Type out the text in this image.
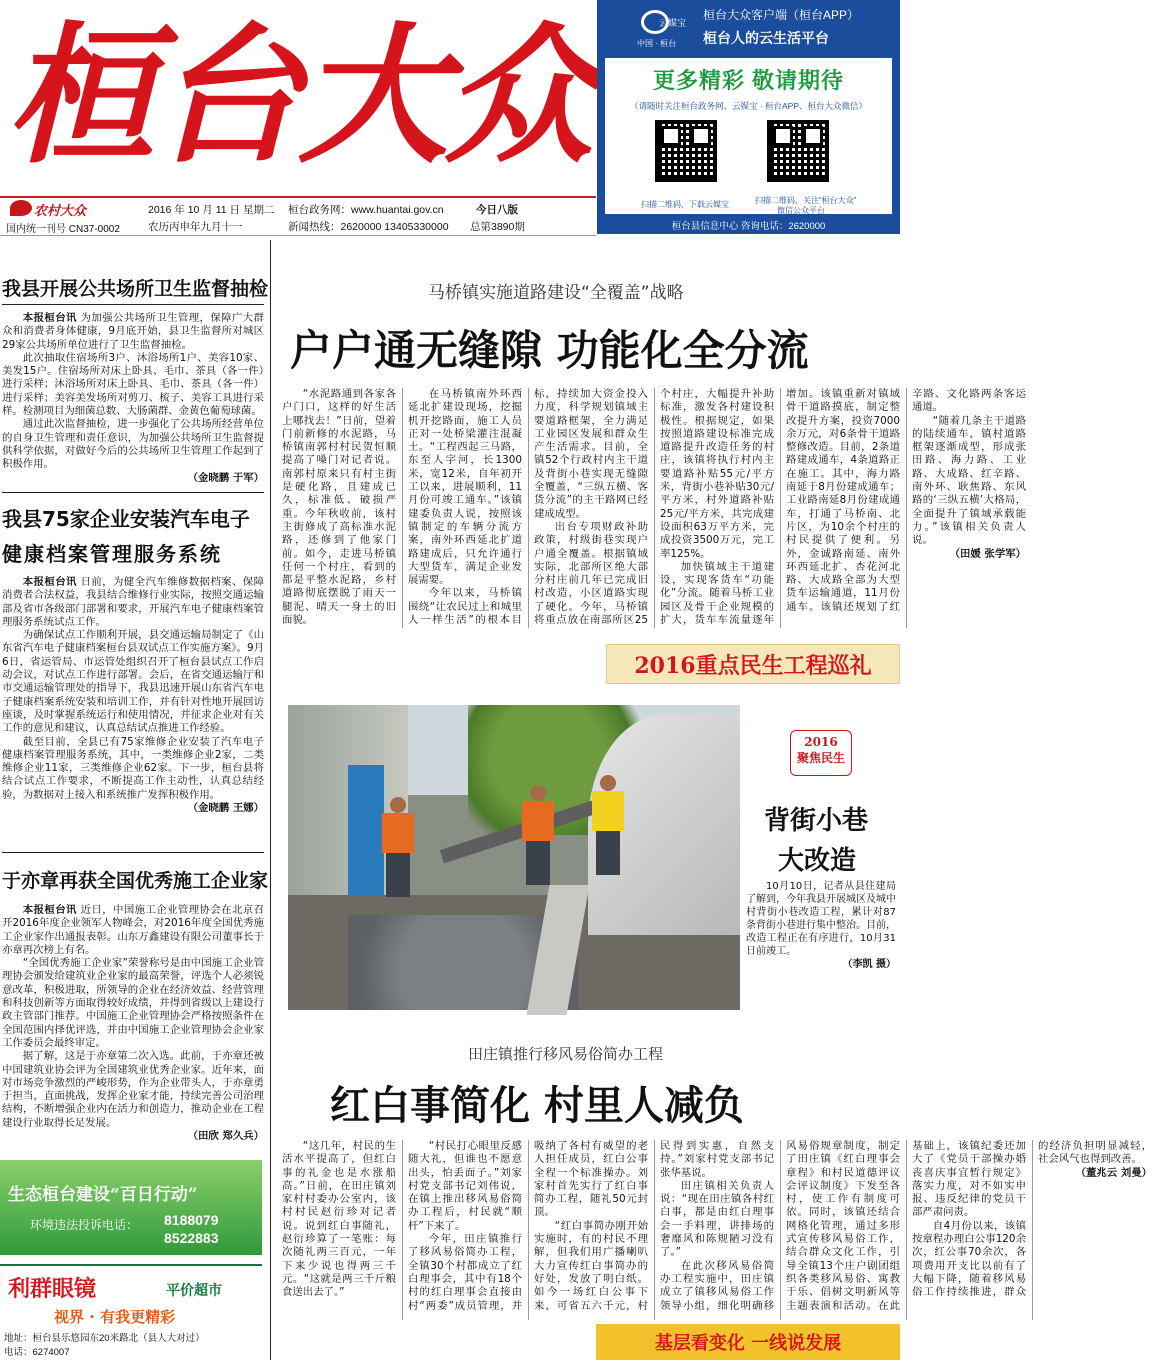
桓台大众
农村大众
国内统一刊号 CN37-0002
2016 年 10 月 11 日 星期二
农历丙申年九月十一
桓台政务网：www.huantai.gov.cn
新闻热线：2620000 13405330000
今日八版
总第3890期
云媒宝
中国 · 桓台
桓台大众客户端（桓台APP）
桓台人的云生活平台
更多精彩 敬请期待
（请随时关注桓台政务网、云媒宝 · 桓台APP、桓台大众微信）
扫描二维码，下载云媒宝	扫描二维码，关注“桓台大众”
微信公众平台
桓台县信息中心 咨询电话：2620000
我县开展公共场所卫生监督抽检

本报桓台讯 为加强公共场所卫生管理，保障广大群众和消费者身体健康，9月底开始，县卫生监督所对城区29家公共场所单位进行了卫生监督抽检。

此次抽取住宿场所3户、沐浴场所1户、美容10家、美发15户。住宿场所对床上卧具、毛巾、茶具（各一件）进行采样；沐浴场所对床上卧具、毛巾、茶具（各一件）进行采样；美容美发场所对剪刀、梳子、美容工具进行采样。检测项目为细菌总数、大肠菌群、金黄色葡萄球菌。

通过此次监督抽检，进一步强化了公共场所经营单位的自身卫生管理和责任意识，为加强公共场所卫生监督提供科学依据，对做好今后的公共场所卫生管理工作起到了积极作用。

（金晓鹏 于军）
我县75家企业安装汽车电子
健康档案管理服务系统

本报桓台讯 日前，为健全汽车维修数据档案、保障消费者合法权益，我县结合维修行业实际，按照交通运输部及省市各级部门部署和要求，开展汽车电子健康档案管理服务系统试点工作。

为确保试点工作顺利开展，县交通运输局制定了《山东省汽车电子健康档案桓台县双试点工作实施方案》。9月6日，省运管局、市运管处组织召开了桓台县试点工作启动会议，对试点工作进行部署。会后，在省交通运输厅和市交通运输管理处的指导下，我县迅速开展山东省汽车电子健康档案系统安装和培训工作，并有针对性地开展回访座谈，及时掌握系统运行和使用情况，并征求企业对有关工作的意见和建议，认真总结试点推进工作经验。

截至目前，全县已有75家维修企业安装了汽车电子健康档案管理服务系统，其中，一类维修企业2家，二类维修企业11家，三类维修企业62家。下一步，桓台县将结合试点工作要求，不断提高工作主动性，认真总结经验，为数据对上接入和系统推广发挥积极作用。

（金晓鹏 王娜）
于亦章再获全国优秀施工企业家

本报桓台讯 近日，中国施工企业管理协会在北京召开2016年度企业领军人物峰会，对2016年度全国优秀施工企业家作出通报表彰。山东万鑫建设有限公司董事长于亦章再次榜上有名。

“全国优秀施工企业家”荣誉称号是由中国施工企业管理协会颁发给建筑业企业家的最高荣誉，评选个人必须锐意改革，积极进取，所领导的企业在经济效益、经营管理和科技创新等方面取得较好成绩，并得到省级以上建设行政主管部门推荐。中国施工企业管理协会严格按照条件在全国范围内择优评选，并由中国施工企业管理协会企业家工作委员会最终审定。

据了解，这是于亦章第二次入选。此前，于亦章还被中国建筑业协会评为全国建筑业优秀企业家。近年来，面对市场竞争激烈的严峻形势，作为企业带头人，于亦章勇于担当，直面挑战，发挥企业家才能，持续完善公司治理结构，不断增强企业内在活力和创造力，推动企业在工程建设行业取得长足发展。

（田欣 郑久兵）
生态桓台建设“百日行动”
环境违法投诉电话： 8188079
8522883
利群眼镜	平价超市
视界 · 有我更精彩
地址：桓台县乐悠园东20米路北（县人大对过）
电话：6274007
马桥镇实施道路建设“全覆盖”战略
户户通无缝隙 功能化全分流

“水泥路通到各家各户门口，这样的好生活上哪找去！”日前，望着门前新修的水泥路，马桥镇南郭村村民贺恒顺提高了嗓门对记者说。南郭村原来只有村主街是硬化路，且建成已久，标准低、破损严重。今年秋收前，该村主街修成了高标准水泥路，还修到了他家门前。如今，走进马桥镇任何一个村庄，看到的都是平整水泥路，乡村道路彻底摆脱了雨天一腿泥、晴天一身土的旧面貌。

在马桥镇南外环西延北扩建设现场，挖掘机开挖路面，施工人员正对一处桥梁灌注混凝土。“工程西起三马路，东至人字河，长1300米，宽12米，自年初开工以来，进展顺利，11月份可竣工通车。”该镇建委负责人说，按照该镇制定的车辆分流方案，南外环西延北扩道路建成后，只允许通行大型货车，满足企业发展需要。

今年以来，马桥镇围绕“让农民过上和城里人一样生活”的根本目标，持续加大资金投入力度，科学规划镇域主要道路框架，全力满足工业园区发展和群众生产生活需求。目前，全镇52个行政村内主干道及背街小巷实现无缝隙全覆盖，“三纵五横、客货分流”的主干路网已经建成成型。

出台专项财政补助政策，村级街巷实现户户通全覆盖。根据镇域实际，北部所区绝大部分村庄前几年已完成旧村改造，小区道路实现了硬化。今年，马桥镇将重点放在南部所区25个村庄，大幅提升补助标准，激发各村建设积极性。根据规定，如果按照道路建设标准完成道路提升改造任务的村庄，该镇将执行村内主要道路补贴55元/平方米，背街小巷补贴30元/平方米，村外道路补贴25元/平方米，共完成建设面积63万平方米，完成投资3500万元，完工率125%。

加快镇域主干道建设，实现客货车“功能化”分流。随着马桥工业园区及骨干企业规模的扩大，货车车流量逐年增加。该镇重新对镇域骨干道路摸底，制定整改提升方案，投资7000余万元，对6条骨干道路整修改造。目前，2条道路建成通车，4条道路正在施工。其中，海力路南延于8月份建成通车；工业路南延8月份建成通车，打通了马桥南、北片区，为10余个村庄的村民提供了便利。另外，金诚路南延、南外环西延北扩、杏花河北路、大成路全部为大型货车运输通道，11月份通车。该镇还规划了红辛路、文化路两条客运通道。

“随着几条主干道路的陆续通车，镇村道路框架逐渐成型，形成张田路、海力路、工业路、大成路、红辛路、南外环、耿焦路、东风路的‘三纵五横’大格局，全面提升了镇域承载能力。”该镇相关负责人说。

（田媛 张学军）
2016重点民生工程巡礼
2016
聚焦民生
背街小巷
大改造

10月10日，记者从县住建局了解到，今年我县开展城区及城中村背街小巷改造工程，累计对87条背街小巷进行集中整治。目前，改造工程正在有序进行，10月31日前竣工。

（李凯 摄）
田庄镇推行移风易俗简办工程
红白事简化 村里人减负

“这几年，村民的生活水平提高了，但红白事的礼金也是水涨船高。”日前，在田庄镇刘家村村委办公室内，该村村民赵衍珍对记者说。说到红白事随礼，赵衍珍算了一笔账：每次随礼两三百元，一年下来少说也得两三千元。“这就是两三千斤粮食送出去了。”

“村民打心眼里反感随大礼，但谁也不愿意出头，怕丢面子。”刘家村党支部书记刘伟说，在镇上推出移风易俗简办工程后，村民就“顺杆”下来了。

今年，田庄镇推行了移风易俗简办工程，全镇30个村都成立了红白理事会，其中有18个村的红白理事会直接由村“两委”成员管理，并吸纳了各村有威望的老人担任成员，红白公事全程一个标准操办。刘家村首先实行了红白事简办工程，随礼50元封顶。

“红白事简办刚开始实施时，有的村民不理解，但我们用广播喇叭大力宣传红白事简办的好处，发放了明白纸。如今一场红白公事下来，可省五六千元，村民得到实惠，自然支持。”刘家村党支部书记张华基说。

田庄镇相关负责人说：“现在田庄镇各村红白事，都是由红白理事会一手料理，讲排场的奢靡风和陈规陋习没有了。”

在此次移风易俗简办工程实施中，田庄镇成立了镇移风易俗工作领导小组，细化明确移风易俗规章制度，制定了田庄镇《红白理事会章程》和村民道德评议会评议制度》下发至各村，使工作有制度可依。同时，该镇还结合网格化管理，通过多形式宣传移风易俗工作，结合群众文化工作，引导全镇13个庄户剧团组织各类移风易俗、寓教于乐、倡树文明新风等主题表演和活动。在此基础上，该镇纪委还加大了《党员干部操办婚丧喜庆事宜暂行规定》落实力度，对不如实申报、违反纪律的党员干部严肃问责。

自4月份以来，该镇按章程办理白公事120余次，红公事70余次，各项费用开支比以前有了大幅下降，随着移风易俗工作持续推进，群众的经济负担明显减轻，社会风气也得到改善。

（董兆云 刘曼）
基层看变化 一线说发展
